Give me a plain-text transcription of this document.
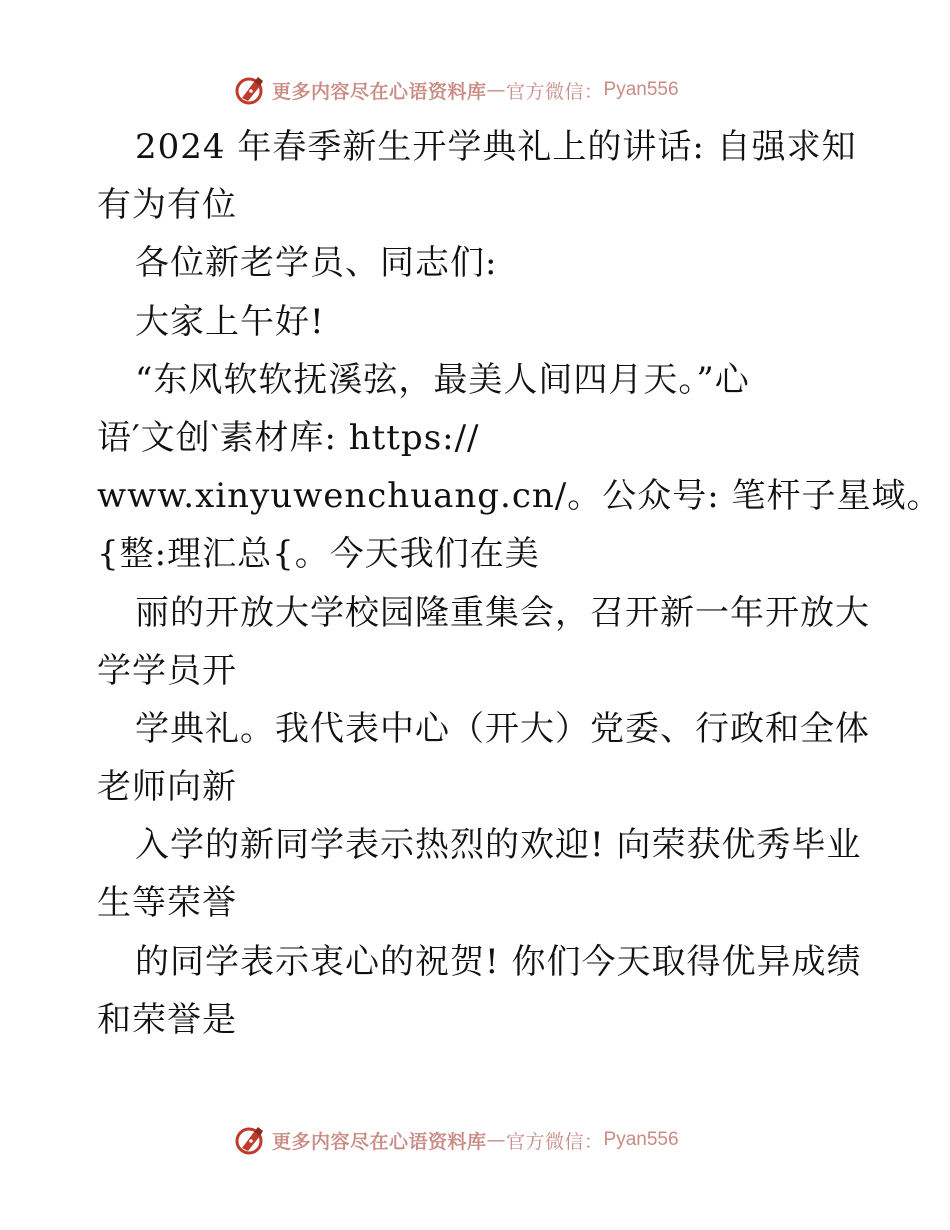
更多内容尽在心语资料库 — 官方微信： Pyan556
2024 年春季新生开学典礼上的讲话: 自强求知
有为有位
各位新老学员、同志们:
大家上午好!
“东风软软抚溪弦，最美人间四月天。”心
语′文创‵素材库: https://
www.xinyuwenchuang.cn/。公众号: 笔杆子星域。
{整:理汇总{。今天我们在美
丽的开放大学校园隆重集会，召开新一年开放大
学学员开
学典礼。我代表中心（开大）党委、行政和全体
老师向新
入学的新同学表示热烈的欢迎! 向荣获优秀毕业
生等荣誉
的同学表示衷心的祝贺! 你们今天取得优异成绩
和荣誉是
更多内容尽在心语资料库 — 官方微信： Pyan556
